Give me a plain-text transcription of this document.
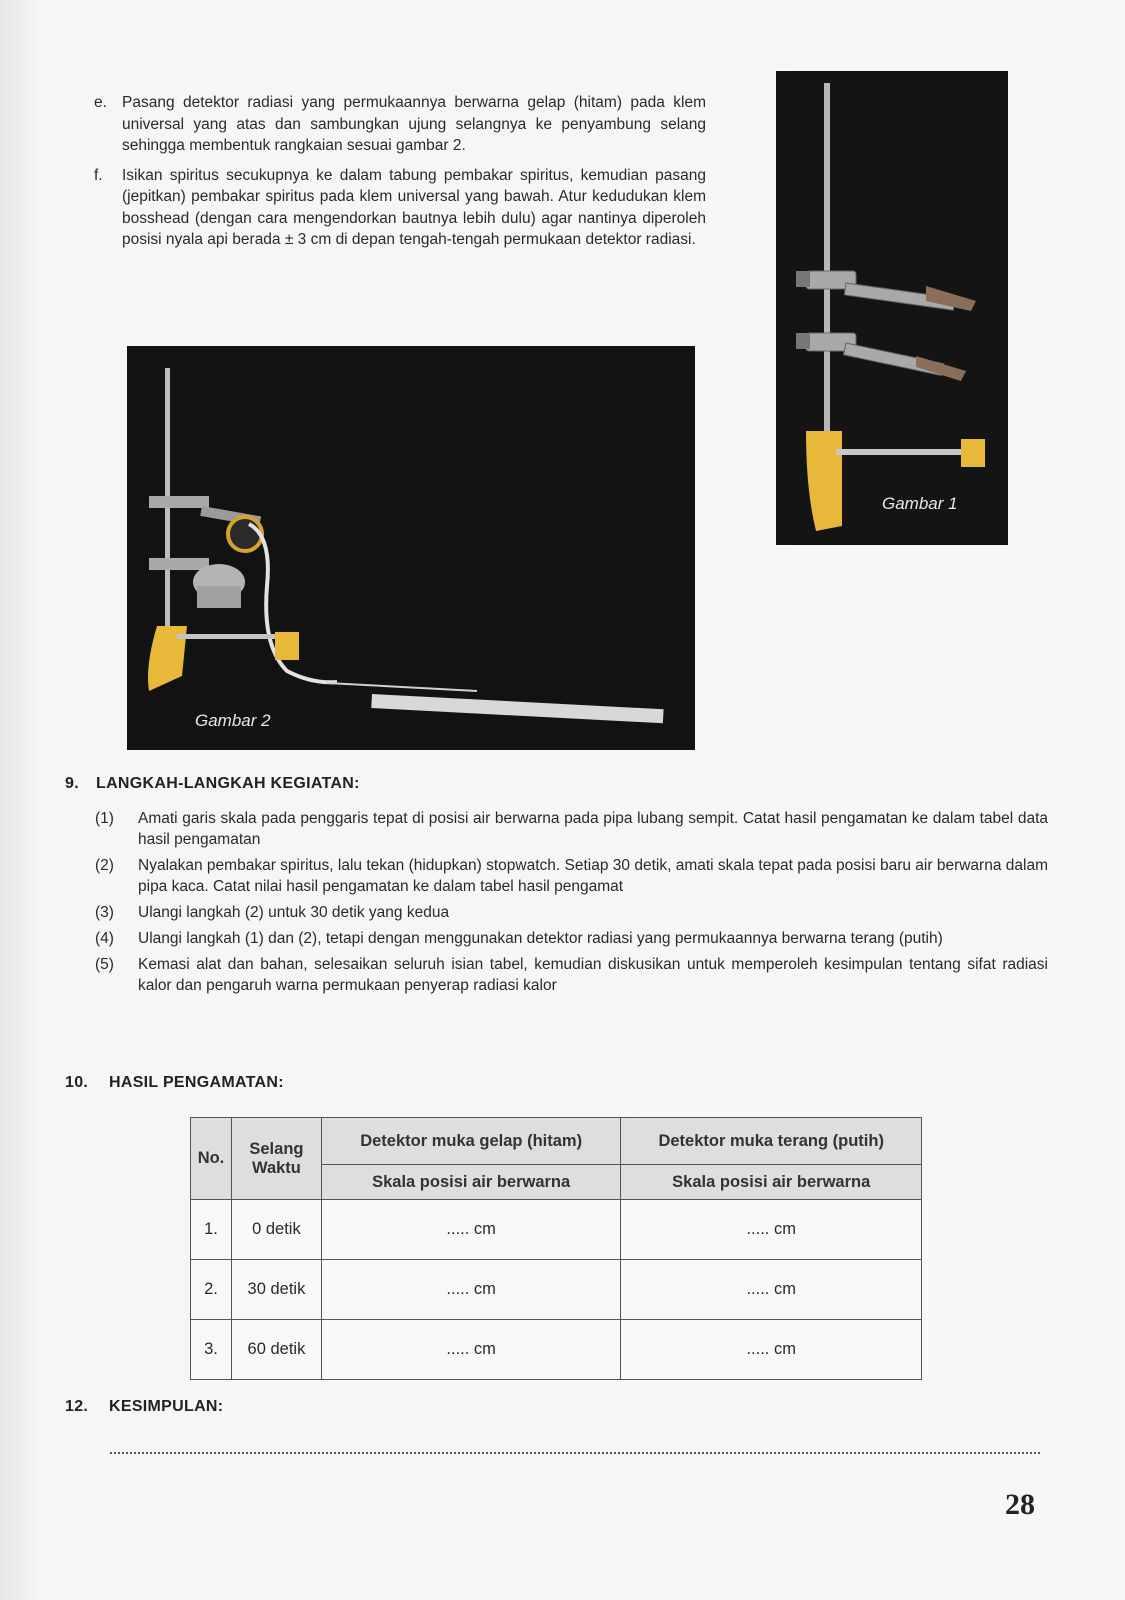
e. Pasang detektor radiasi yang permukaannya berwarna gelap (hitam) pada klem universal yang atas dan sambungkan ujung selangnya ke penyambung selang sehingga membentuk rangkaian sesuai gambar 2.
f. Isikan spiritus secukupnya ke dalam tabung pembakar spiritus, kemudian pasang (jepitkan) pembakar spiritus pada klem universal yang bawah. Atur kedudukan klem bosshead (dengan cara mengendorkan bautnya lebih dulu) agar nantinya diperoleh posisi nyala api berada ± 3 cm di depan tengah-tengah permukaan detektor radiasi.
Gambar 1
Gambar 2
9. LANGKAH-LANGKAH KEGIATAN:
(1) Amati garis skala pada penggaris tepat di posisi air berwarna pada pipa lubang sempit. Catat hasil pengamatan ke dalam tabel data hasil pengamatan
(2) Nyalakan pembakar spiritus, lalu tekan (hidupkan) stopwatch. Setiap 30 detik, amati skala tepat pada posisi baru air berwarna dalam pipa kaca. Catat nilai hasil pengamatan ke dalam tabel hasil pengamat
(3) Ulangi langkah (2) untuk 30 detik yang kedua
(4) Ulangi langkah (1) dan (2), tetapi dengan menggunakan detektor radiasi yang permukaannya berwarna terang (putih)
(5) Kemasi alat dan bahan, selesaikan seluruh isian tabel, kemudian diskusikan untuk memperoleh kesimpulan tentang sifat radiasi kalor dan pengaruh warna permukaan penyerap radiasi kalor
10. HASIL PENGAMATAN:
No.	Selang Waktu	Detektor muka gelap (hitam)	Detektor muka terang (putih)
		Skala posisi air berwarna	Skala posisi air berwarna
1.	0 detik	..... cm	..... cm
2.	30 detik	..... cm	..... cm
3.	60 detik	..... cm	..... cm
12. KESIMPULAN:
28
